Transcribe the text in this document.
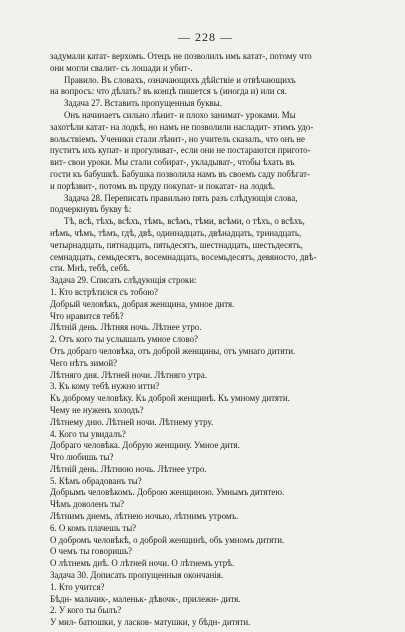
— 228 —
задумали катат- верхомъ. Отецъ не позволилъ имъ катат-, потому что
они могли свалит- съ лошади и убит-.
Правило. Въ словахъ, означающихъ дѣйствіе и отвѣчающихъ
на вопросъ: что дѣлать? въ концѣ пишется ъ (иногда и) или ся.
Задача 27. Вставить пропущенныя буквы.
Онъ начинаетъ сильно лѣнит- и плохо занимат- уроками. Мы
захотѣли катат- на лодкѣ, но намъ не позволили насладит- этимъ удо-
вольствіемъ. Ученики стали лѣнит-, но учитель сказалъ, что онъ не
пуститъ ихъ купат- и прогуливат-, если они не постараются пригото-
вит- свои уроки. Мы стали собират-, укладыват-, чтобы ѣхать въ
гости къ бабушкѣ. Бабушка позволила намъ въ своемъ саду побѣгат-
и порѣзвит-, потомъ въ пруду покупат- и покатат- на лодкѣ.
Задача 28. Переписать правильно пять разъ слѣдующія слова,
подчеркнувъ букву ѣ:
Тѣ, всѣ, тѣхъ, всѣхъ, тѣмъ, всѣмъ, тѣми, всѣми, о тѣхъ, о всѣхъ,
нѣмъ, чѣмъ, тѣмъ, гдѣ, двѣ, одиннадцать, двѣнадцать, тринадцать,
четырнадцать, пятнадцать, пятьдесятъ, шестнадцать, шестьдесятъ,
семнадцать, семьдесятъ, восемнадцать, восемьдесятъ, девяносто, двѣ-
сти. Мнѣ, тебѣ, себѣ.
Задача 29. Списать слѣдующія строки:
1. Кто встрѣтился съ тобою?
Добрый человѣкъ, добрая женщина, умное дитя.
Что нравится тебѣ?
Лѣтній день. Лѣтняя ночь. Лѣтнее утро.
2. Отъ кого ты услышалъ умное слово?
Отъ добраго человѣка, отъ доброй женщины, отъ умнаго дитяти.
Чего нѣтъ зимой?
Лѣтняго дня. Лѣтней ночи. Лѣтняго утра.
3. Къ кому тебѣ нужно итти?
Къ доброму человѣку. Къ доброй женщинѣ. Къ умному дитяти.
Чему не нуженъ холодъ?
Лѣтнему дню. Лѣтней ночи. Лѣтнему утру.
4. Кого ты увидалъ?
Добраго человѣка. Добрую женщину. Умное дитя.
Что любишь ты?
Лѣтній день. Лѣтнюю ночь. Лѣтнее утро.
5. Кѣмъ обрадованъ ты?
Добрымъ человѣкомъ. Доброю женщиною. Умнымъ дитятею.
Чѣмъ доволенъ ты?
Лѣтнимъ днемъ, лѣтнею ночью, лѣтнимъ утромъ.
6. О комъ плачешь ты?
О добромъ человѣкѣ, о доброй женщинѣ, объ умномъ дитяти.
О чемъ ты говоришь?
О лѣтнемъ днѣ. О лѣтней ночи. О лѣтнемъ утрѣ.
Задача 30. Дописать пропущенныя окончанія.
1. Кто учится?
Бѣдн- мальчик-, маленьк- дѣвочк-, прилежн- дитя.
2. У кого ты былъ?
У мил- батюшки, у ласков- матушки, у бѣдн- дитяти.
